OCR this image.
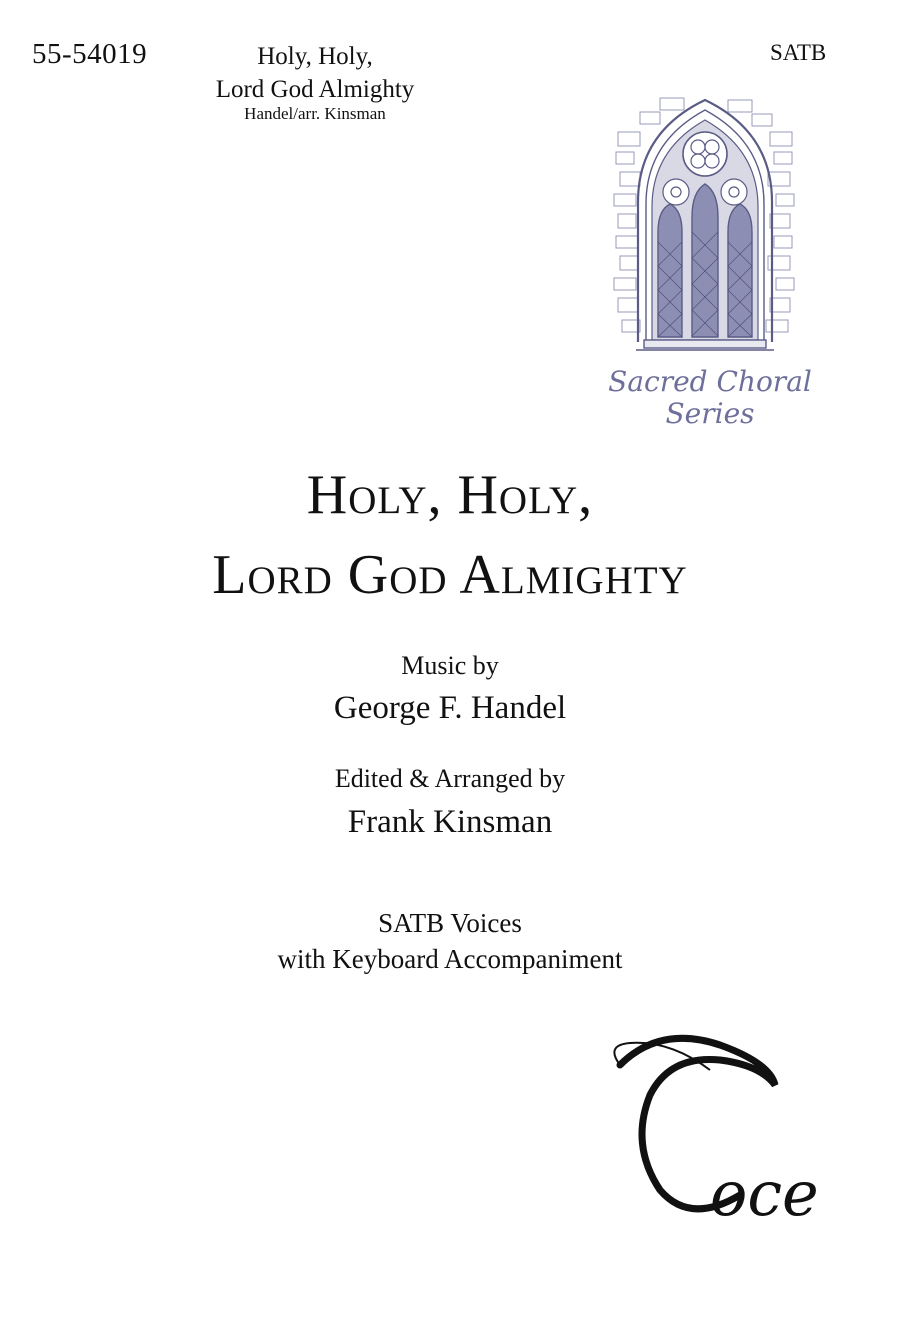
55-54019	Holy, Holy,
Lord God Almighty
Handel/arr. Kinsman
SATB
Sacred Choral
Series
Holy, Holy,
Lord God Almighty
Music by
George F. Handel
Edited & Arranged by
Frank Kinsman
SATB Voices
with Keyboard Accompaniment
oce
